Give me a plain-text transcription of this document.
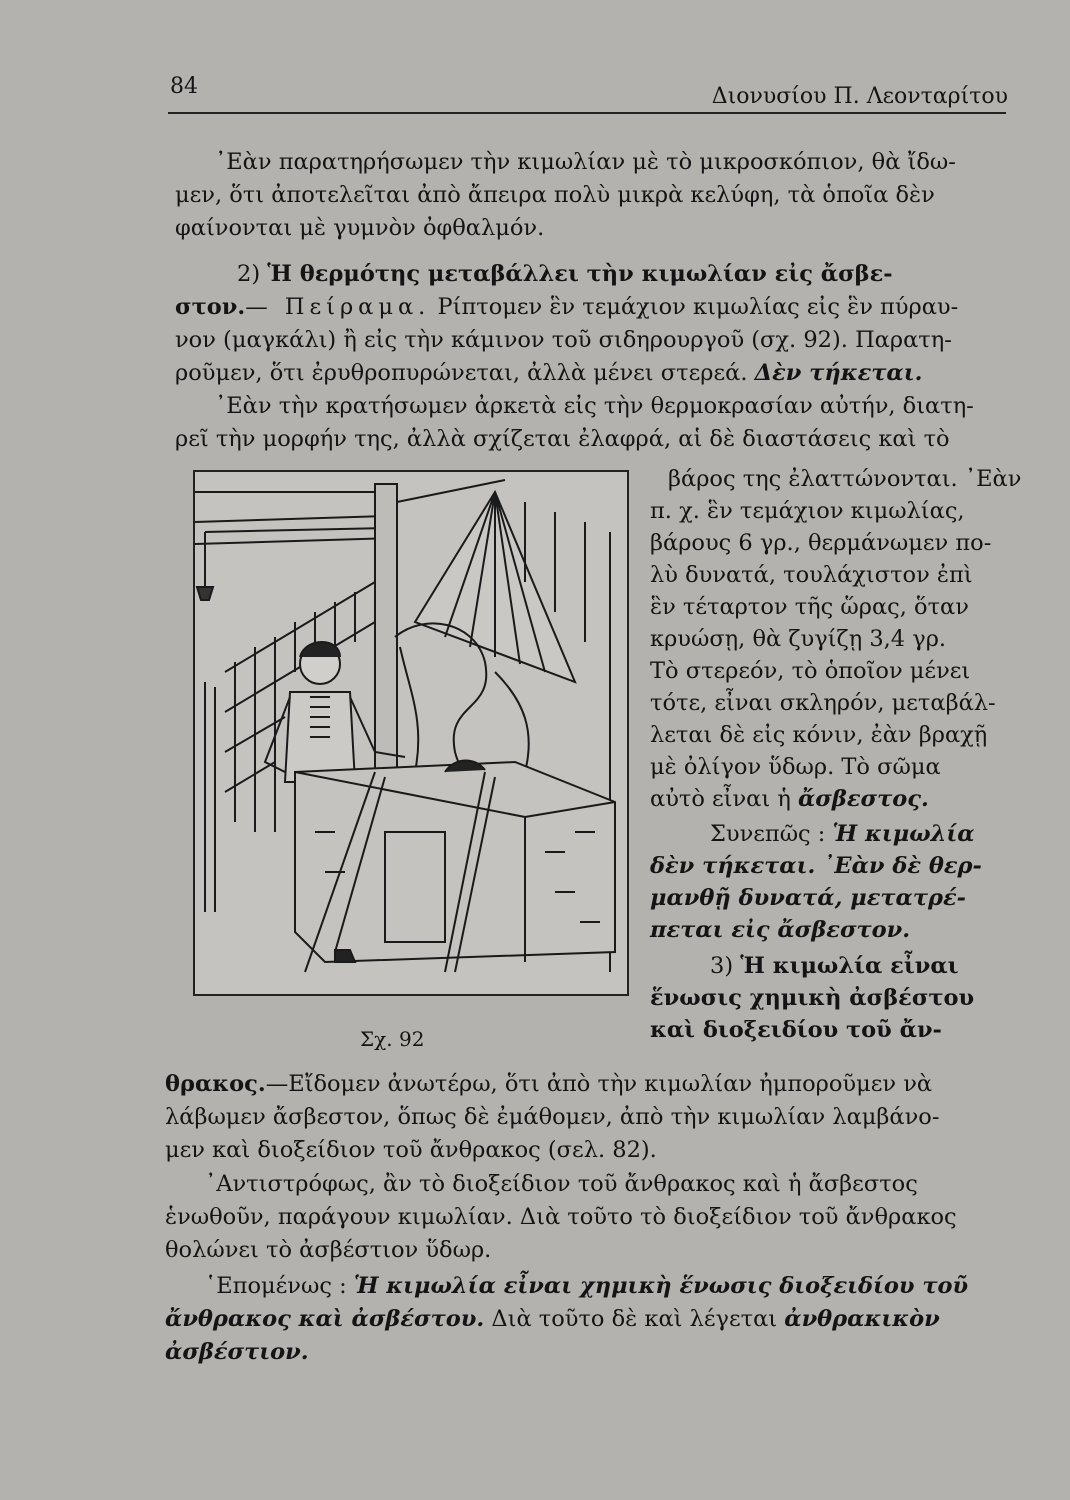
84	Διονυσίου Π. Λεονταρίτου
᾿Εὰν παρατηρήσωμεν τὴν κιμωλίαν μὲ τὸ μικροσκόπιον, θὰ ἴδω-
μεν, ὅτι ἀποτελεῖται ἀπὸ ἄπειρα πολὺ μικρὰ κελύφη, τὰ ὁποῖα δὲν
φαίνονται μὲ γυμνὸν ὀφθαλμόν.
2) Ἡ θερμότης μεταβάλλει τὴν κιμωλίαν εἰς ἄσβε-
στον.— Πείραμα. Ρίπτομεν ἓν τεμάχιον κιμωλίας εἰς ἓν πύραυ-
νον (μαγκάλι) ἢ εἰς τὴν κάμινον τοῦ σιδηρουργοῦ (σχ. 92). Παρατη-
ροῦμεν, ὅτι ἐρυθροπυρώνεται, ἀλλὰ μένει στερεά. Δὲν τήκεται.
᾿Εὰν τὴν κρατήσωμεν ἀρκετὰ εἰς τὴν θερμοκρασίαν αὐτήν, διατη-
ρεῖ τὴν μορφήν της, ἀλλὰ σχίζεται ἐλαφρά, αἱ δὲ διαστάσεις καὶ τὸ
Σχ. 92
βάρος της ἐλαττώνονται. ᾿Εὰν
π. χ. ἓν τεμάχιον κιμωλίας,
βάρους 6 γρ., θερμάνωμεν πο-
λὺ δυνατά, τουλάχιστον ἐπὶ
ἓν τέταρτον τῆς ὥρας, ὅταν
κρυώσῃ, θὰ ζυγίζῃ 3,4 γρ.
Τὸ στερεόν, τὸ ὁποῖον μένει
τότε, εἶναι σκληρόν, μεταβάλ-
λεται δὲ εἰς κόνιν, ἐὰν βραχῇ
μὲ ὀλίγον ὕδωρ. Τὸ σῶμα
αὐτὸ εἶναι ἡ ἄσβεστος.
Συνεπῶς : Ἡ κιμωλία
δὲν τήκεται. ᾿Εὰν δὲ θερ-
μανθῇ δυνατά, μετατρέ-
πεται εἰς ἄσβεστον.
3) Ἡ κιμωλία εἶναι
ἕνωσις χημικὴ ἀσβέστου
καὶ διοξειδίου τοῦ ἄν-
θρακος.—Εἴδομεν ἀνωτέρω, ὅτι ἀπὸ τὴν κιμωλίαν ἠμποροῦμεν νὰ
λάβωμεν ἄσβεστον, ὅπως δὲ ἐμάθομεν, ἀπὸ τὴν κιμωλίαν λαμβάνο-
μεν καὶ διοξείδιον τοῦ ἄνθρακος (σελ. 82).
᾿Αντιστρόφως, ἂν τὸ διοξείδιον τοῦ ἄνθρακος καὶ ἡ ἄσβεστος
ἑνωθοῦν, παράγουν κιμωλίαν. Διὰ τοῦτο τὸ διοξείδιον τοῦ ἄνθρακος
θολώνει τὸ ἀσβέστιον ὕδωρ.
῾Επομένως : Ἡ κιμωλία εἶναι χημικὴ ἕνωσις διοξειδίου τοῦ
ἄνθρακος καὶ ἀσβέστου. Διὰ τοῦτο δὲ καὶ λέγεται ἀνθρακικὸν
ἀσβέστιον.
